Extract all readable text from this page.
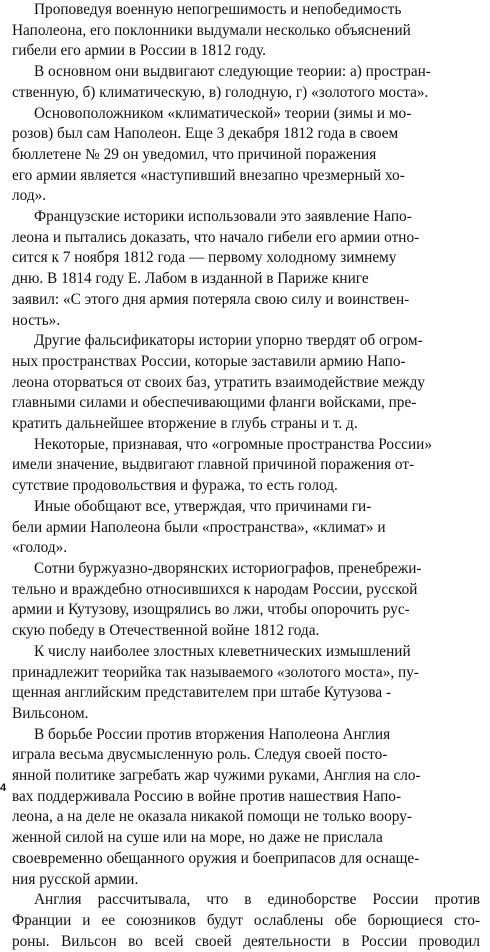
Проповедуя военную непогрешимость и непобедимость
Наполеона, его поклонники выдумали несколько объяснений
гибели его армии в России в 1812 году.

В основном они выдвигают следующие теории: а) простран-
ственную, б) климатическую, в) голодную, г) «золотого моста».

Основоположником «климатической» теории (зимы и мо-
розов) был сам Наполеон. Еще 3 декабря 1812 года в своем
бюллетене № 29 он уведомил, что причиной поражения
его армии является «наступивший внезапно чрезмерный хо-
лод».

Французские историки использовали это заявление Напо-
леона и пытались доказать, что начало гибели его армии отно-
сится к 7 ноября 1812 года — первому холодному зимнему
дню. В 1814 году Е. Лабом в изданной в Париже книге
заявил: «С этого дня армия потеряла свою силу и воинствен-
ность».

Другие фальсификаторы истории упорно твердят об огром-
ных пространствах России, которые заставили армию Напо-
леона оторваться от своих баз, утратить взаимодействие между
главными силами и обеспечивающими фланги войсками, пре-
кратить дальнейшее вторжение в глубь страны и т. д.

Некоторые, признавая, что «огромные пространства России»
имели значение, выдвигают главной причиной поражения от-
сутствие продовольствия и фуража, то есть голод.

Иные обобщают все, утверждая, что причинами ги-
бели армии Наполеона были «пространства», «климат» и
«голод».

Сотни буржуазно-дворянских историографов, пренебрежи-
тельно и враждебно относившихся к народам России, русской
армии и Кутузову, изощрялись во лжи, чтобы опорочить рус-
скую победу в Отечественной войне 1812 года.

К числу наиболее злостных клеветнических измышлений
принадлежит теорийка так называемого «золотого моста», пу-
щенная английским представителем при штабе Кутузова -
Вильсоном.

В борьбе России против вторжения Наполеона Англия
играла весьма двусмысленную роль. Следуя своей посто-
янной политике загребать жар чужими руками, Англия на сло-
вах поддерживала Россию в войне против нашествия Напо-
леона, а на деле не оказала никакой помощи не только воору-
женной силой на суше или на море, но даже не прислала
своевременно обещанного оружия и боеприпасов для оснаще-
ния русской армии.

Англия рассчитывала, что в единоборстве России против
Франции и ее союзников будут ослаблены обе борющиеся сто-
роны. Вильсон во всей своей деятельности в России проводил

4
